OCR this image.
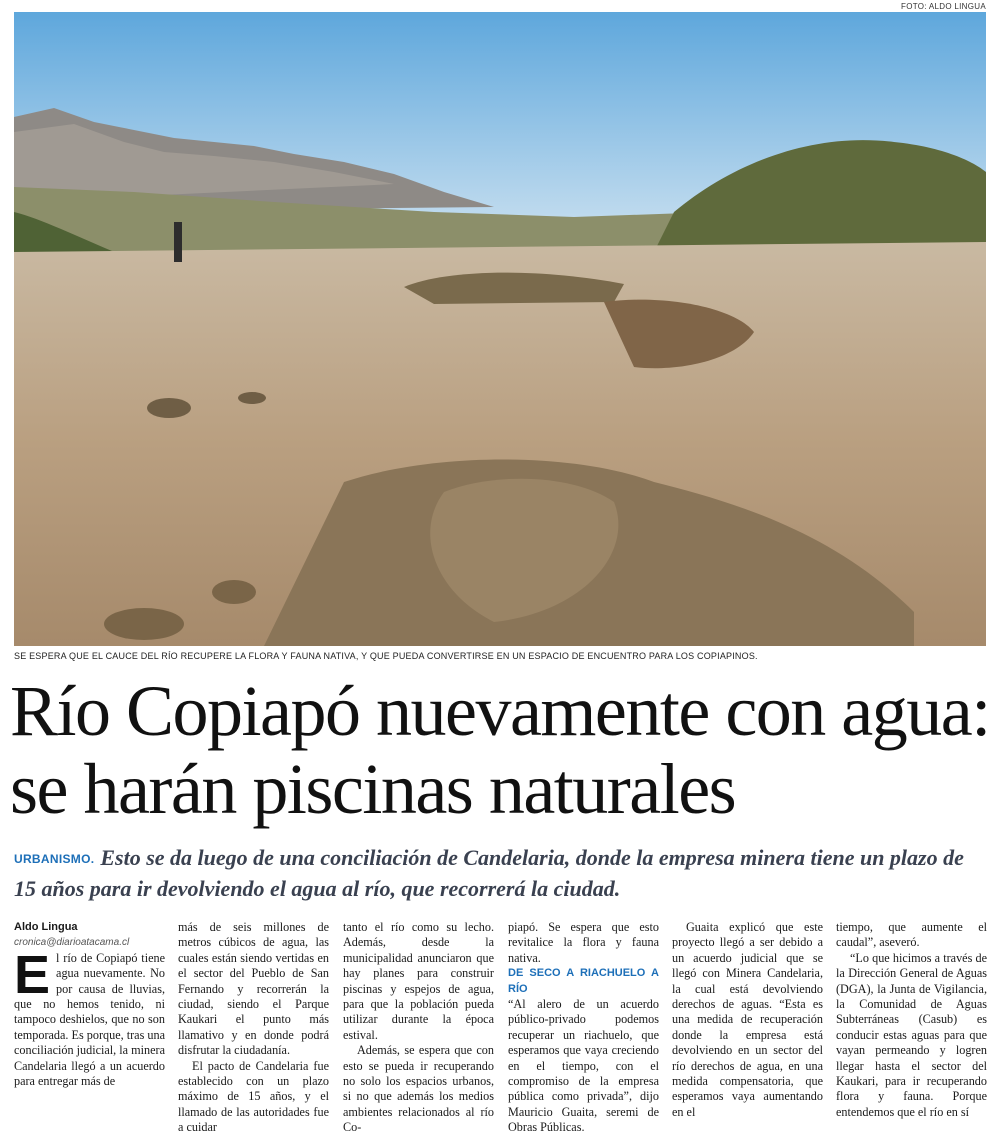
FOTO: ALDO LINGUA
SE ESPERA QUE EL CAUCE DEL RÍO RECUPERE LA FLORA Y FAUNA NATIVA, Y QUE PUEDA CONVERTIRSE EN UN ESPACIO DE ENCUENTRO PARA LOS COPIAPINOS.
Río Copiapó nuevamente con agua: se harán piscinas naturales

URBANISMO. Esto se da luego de una conciliación de Candelaria, donde la empresa minera tiene un plazo de 15 años para ir devolviendo el agua al río, que recorrerá la ciudad.

Aldo Lingua

cronica@diarioatacama.cl

El río de Copiapó tiene agua nuevamente. No por causa de lluvias, que no hemos tenido, ni tampoco deshielos, que no son temporada. Es porque, tras una conciliación judicial, la minera Candelaria llegó a un acuerdo para entregar más de

más de seis millones de metros cúbicos de agua, las cuales están siendo vertidas en el sector del Pueblo de San Fernando y recorrerán la ciudad, siendo el Parque Kaukari el punto más llamativo y en donde podrá disfrutar la ciudadanía.

El pacto de Candelaria fue establecido con un plazo máximo de 15 años, y el llamado de las autoridades fue a cuidar

tanto el río como su lecho. Además, desde la municipalidad anunciaron que hay planes para construir piscinas y espejos de agua, para que la población pueda utilizar durante la época estival.

Además, se espera que con esto se pueda ir recuperando no solo los espacios urbanos, si no que además los medios ambientes relacionados al río Co-

piapó. Se espera que esto revitalice la flora y fauna nativa.

DE SECO A RIACHUELO A RÍO

“Al alero de un acuerdo público-privado podemos recuperar un riachuelo, que esperamos que vaya creciendo en el tiempo, con el compromiso de la empresa pública como privada”, dijo Mauricio Guaita, seremi de Obras Públicas.

Guaita explicó que este proyecto llegó a ser debido a un acuerdo judicial que se llegó con Minera Candelaria, la cual está devolviendo derechos de aguas. “Esta es una medida de recuperación donde la empresa está devolviendo en un sector del río derechos de agua, en una medida compensatoria, que esperamos vaya aumentando en el

tiempo, que aumente el caudal”, aseveró.

“Lo que hicimos a través de la Dirección General de Aguas (DGA), la Junta de Vigilancia, la Comunidad de Aguas Subterráneas (Casub) es conducir estas aguas para que vayan permeando y logren llegar hasta el sector del Kaukari, para ir recuperando flora y fauna. Porque entendemos que el río en sí
